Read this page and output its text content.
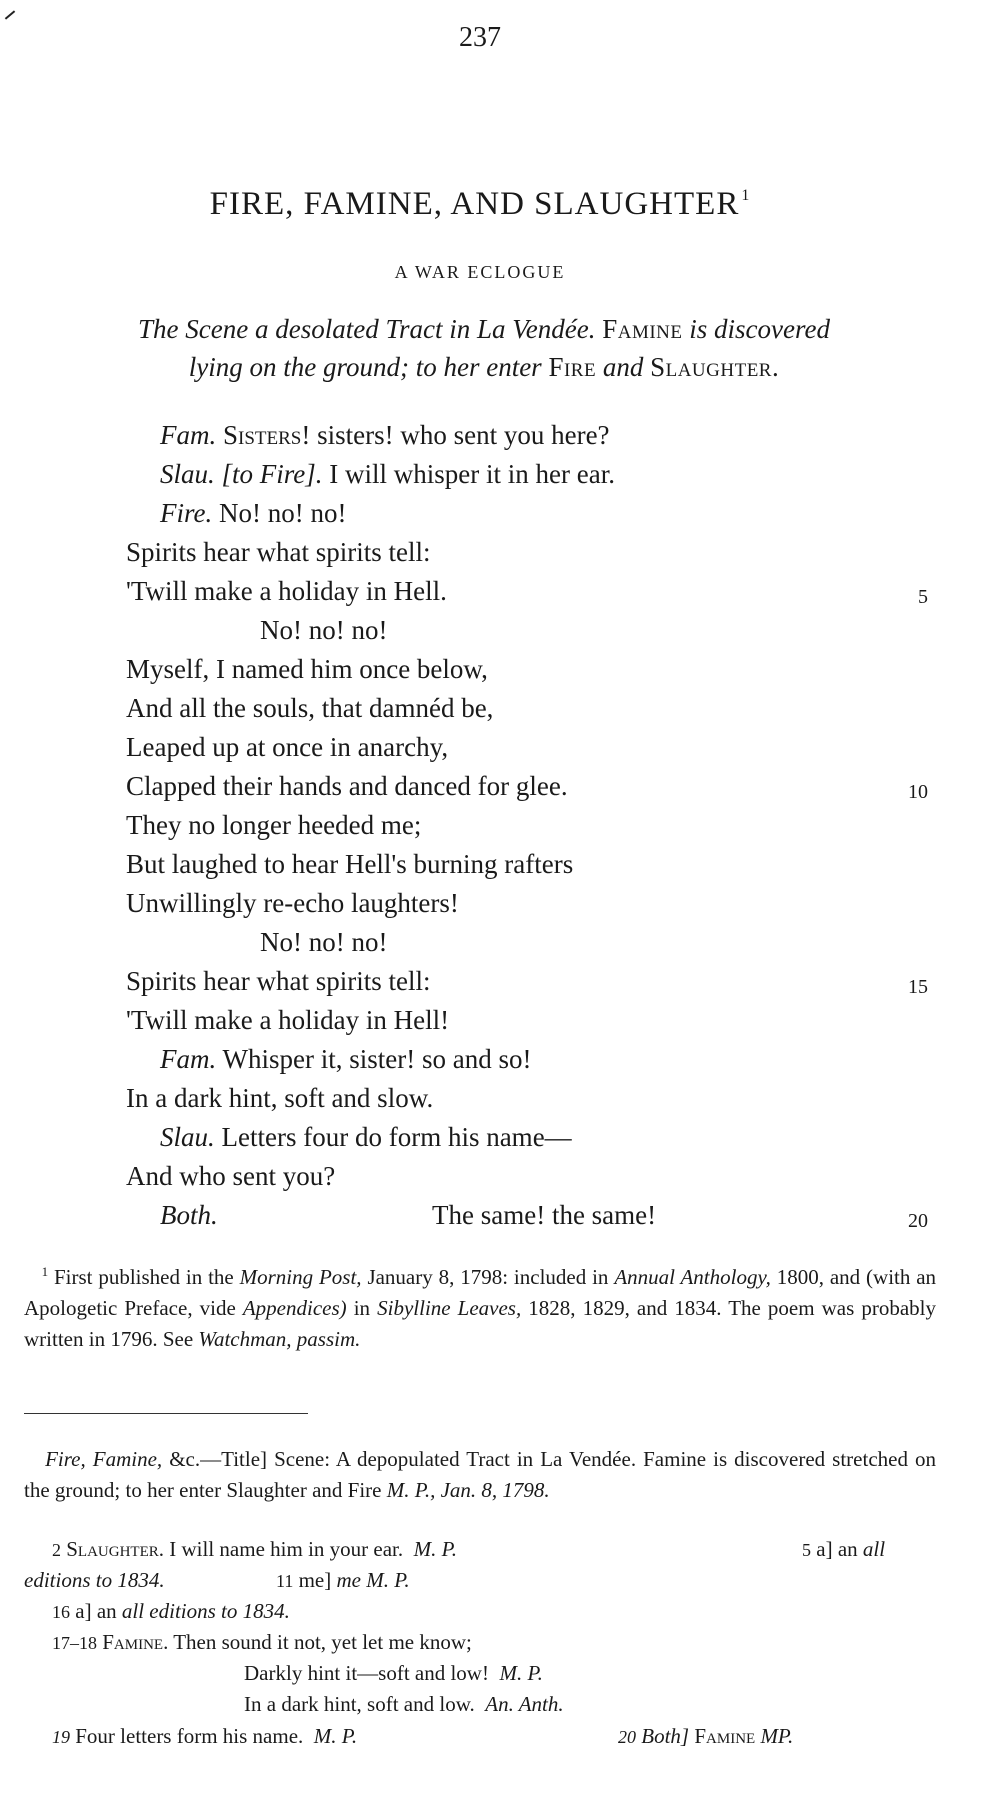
237
FIRE, FAMINE, AND SLAUGHTER $^1$
A WAR ECLOGUE
The Scene a desolated Tract in La Vendée. Famine is discovered
lying on the ground; to her enter Fire and Slaughter.
Fam. Sisters! sisters! who sent you here?
Slau. [to Fire]. I will whisper it in her ear.
Fire. No! no! no!
Spirits hear what spirits tell:
'Twill make a holiday in Hell.	5
No! no! no!
Myself, I named him once below,
And all the souls, that damnéd be,
Leaped up at once in anarchy,
Clapped their hands and danced for glee.	10
They no longer heeded me;
But laughed to hear Hell's burning rafters
Unwillingly re-echo laughters!
No! no! no!
Spirits hear what spirits tell:	15
'Twill make a holiday in Hell!
Fam. Whisper it, sister! so and so!
In a dark hint, soft and slow.
Slau. Letters four do form his name—
And who sent you?
Both.	The same! the same!	20
$^1$ First published in the Morning Post, January 8, 1798: included in Annual Anthology, 1800, and (with an Apologetic Preface, vide Appendices) in Sibylline Leaves, 1828, 1829, and 1834. The poem was probably written in 1796. See Watchman, passim.
Fire, Famine, &c.—Title] Scene: A depopulated Tract in La Vendée. Famine is discovered stretched on the ground; to her enter Slaughter and Fire M. P., Jan. 8, 1798.
2 Slaughter. I will name him in your ear. M. P.	5 a] an all
editions to 1834.	11 me] me M. P.
16 a] an all editions to 1834.
17–18 Famine. Then sound it not, yet let me know;
Darkly hint it—soft and low! M. P.
In a dark hint, soft and low. An. Anth.
19 Four letters form his name. M. P.	20 Both] Famine MP.
